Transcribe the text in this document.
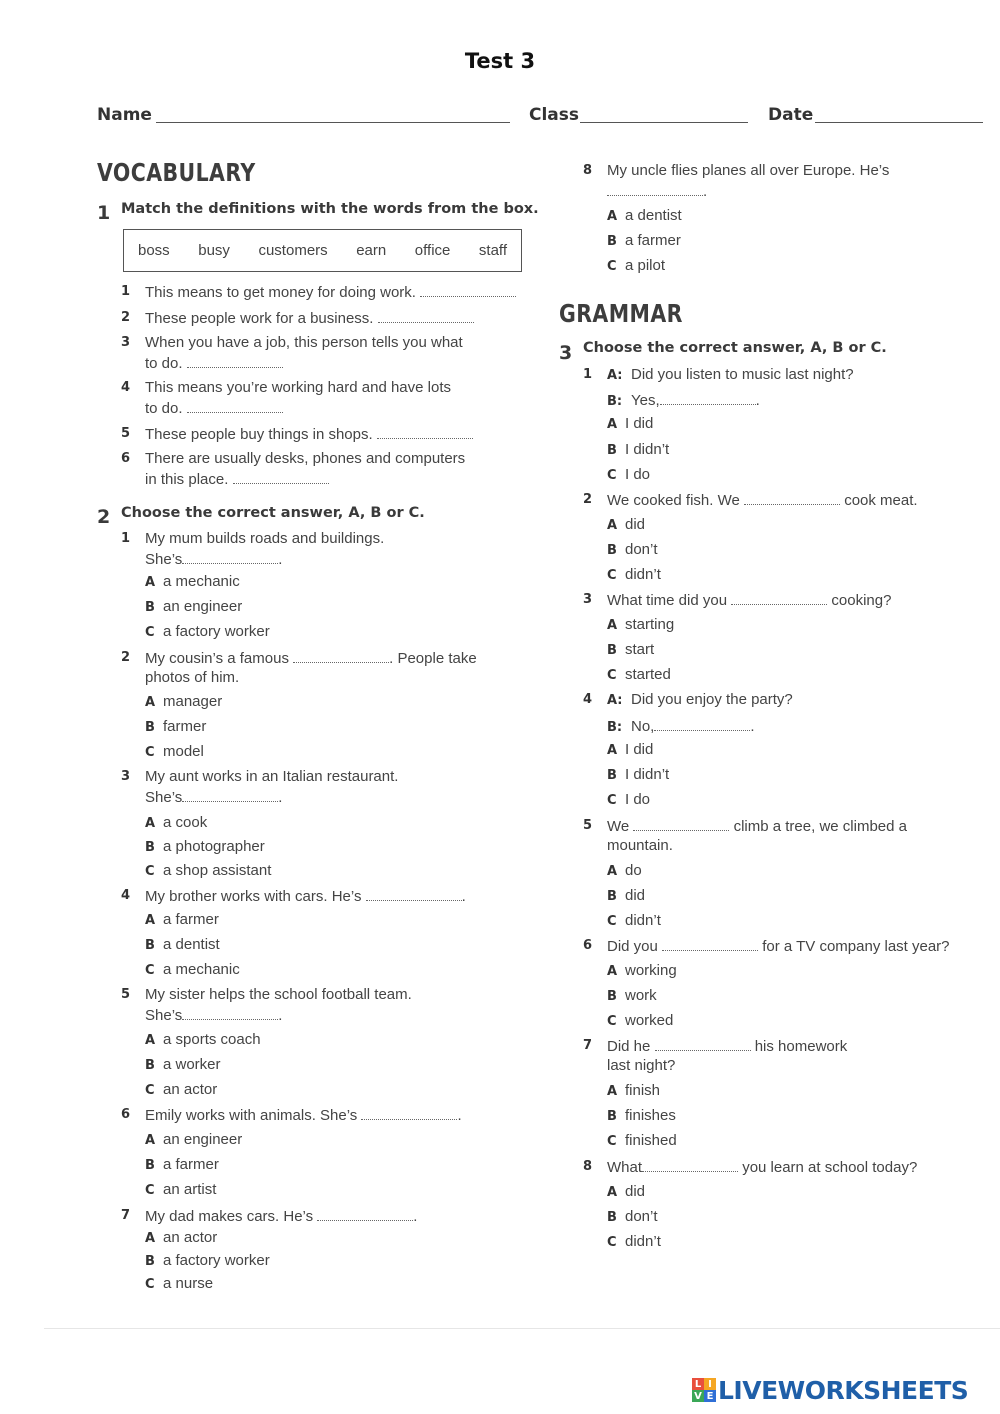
Test 3
Name	Class	Date
VOCABULARY
1 Match the definitions with the words from the box.
boss busy customers earn office staff
1 This means to get money for doing work.
2 These people work for a business.
3 When you have a job, this person tells you what
to do.
4 This means you’re working hard and have lots
to do.
5 These people buy things in shops.
6 There are usually desks, phones and computers
in this place.
2 Choose the correct answer, A, B or C.
1 My mum builds roads and buildings.
She’s	.
A a mechanic
B an engineer
C a factory worker
2 My cousin’s a famous	. People take
photos of him.
A manager
B farmer
C model
3 My aunt works in an Italian restaurant.
She’s	.
A a cook
B a photographer
C a shop assistant
4 My brother works with cars. He’s	.
A a farmer
B a dentist
C a mechanic
5 My sister helps the school football team.
She’s	.
A a sports coach
B a worker
C an actor
6 Emily works with animals. She’s	.
A an engineer
B a farmer
C an artist
7 My dad makes cars. He’s	.
A an actor
B a factory worker
C a nurse
8 My uncle flies planes all over Europe. He’s
.
A a dentist
B a farmer
C a pilot
GRAMMAR
3 Choose the correct answer, A, B or C.
1 A: Did you listen to music last night?
B: Yes,	.
A I did
B I didn’t
C I do
2 We cooked fish. We	cook meat.
A did
B don’t
C didn’t
3 What time did you	cooking?
A starting
B start
C started
4 A: Did you enjoy the party?
B: No,	.
A I did
B I didn’t
C I do
5 We	climb a tree, we climbed a
mountain.
A do
B did
C didn’t
6 Did you	for a TV company last year?
A working
B work
C worked
7 Did he	his homework
last night?
A finish
B finishes
C finished
8 What	you learn at school today?
A did
B don’t
C didn’t
L I
V E LIVEWORKSHEETS
